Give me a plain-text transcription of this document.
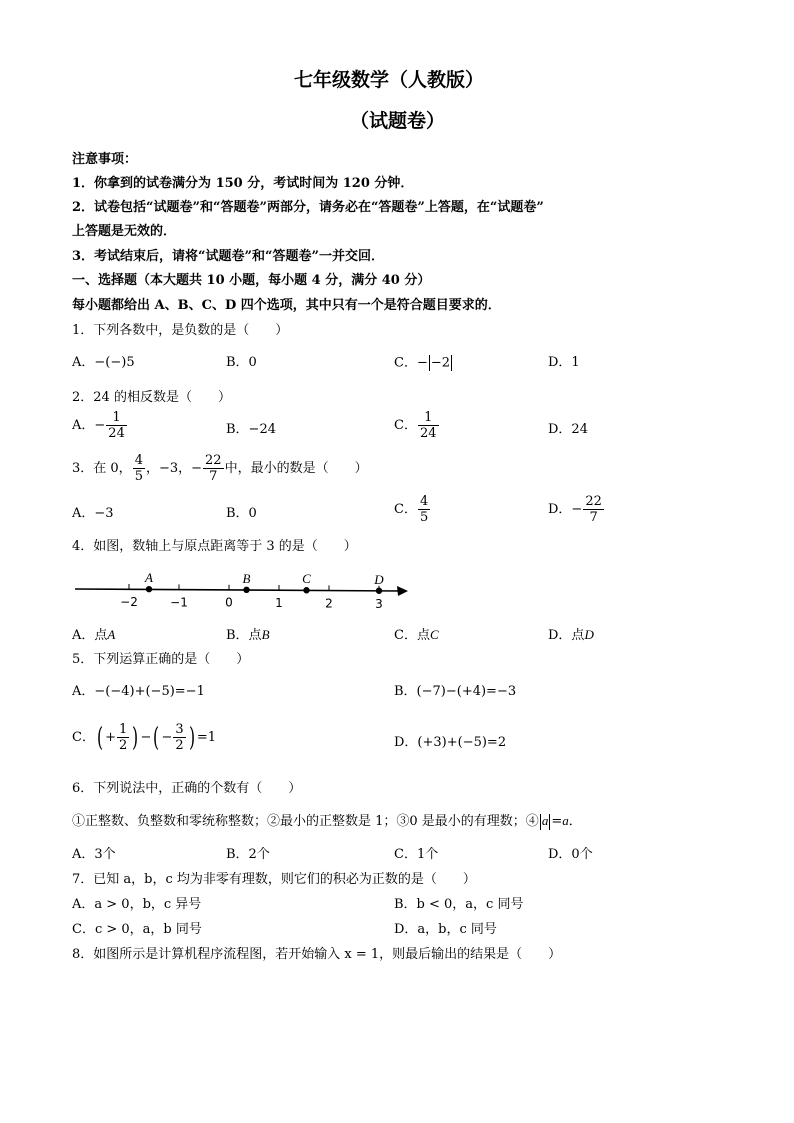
七年级数学（人教版）
（试题卷）
注意事项：
1．你拿到的试卷满分为 150 分，考试时间为 120 分钟．
2．试卷包括“试题卷”和“答题卷”两部分，请务必在“答题卷”上答题，在“试题卷”
上答题是无效的．
3．考试结束后，请将“试题卷”和“答题卷”一并交回．
一、选择题（本大题共 10 小题，每小题 4 分，满分 40 分）
每小题都给出 A、B、C、D 四个选项，其中只有一个是符合题目要求的．
1．下列各数中，是负数的是（　　）
A．−(−)5	B．0	C．− −2	D．1
2．24 的相反数是（　　）
A．− $\frac{1}{24}$	B．−24	C． $\frac{1}{24}$	D．24
3．在 0， $\frac{4}{5}$ ，−3，− $\frac{22}{7}$ 中，最小的数是（　　）
A．−3	B．0	C． $\frac{4}{5}$	D．− $\frac{22}{7}$
4．如图，数轴上与原点距离等于 3 的是（　　）
−2	−1	0	1	2	3
A	B	C	D
A．点A	B．点B	C．点C	D．点D
5．下列运算正确的是（　　）
A．−(−4)+(−5)=−1	B．(−7)−(+4)=−3
C．( + $\frac{1}{2}$ ) −( − $\frac{3}{2}$ ) =1	D．(+3)+(−5)=2
6．下列说法中，正确的个数有（　　）
①正整数、负整数和零统称整数；②最小的正整数是 1；③0 是最小的有理数；④ a =a．
A．3个	B．2个	C．1个	D．0个
7．已知 a，b，c 均为非零有理数，则它们的积必为正数的是（　　）
A．a > 0，b，c 异号	B．b < 0，a，c 同号
C．c > 0，a，b 同号	D．a，b，c 同号
8．如图所示是计算机程序流程图，若开始输入 x = 1，则最后输出的结果是（　　）
